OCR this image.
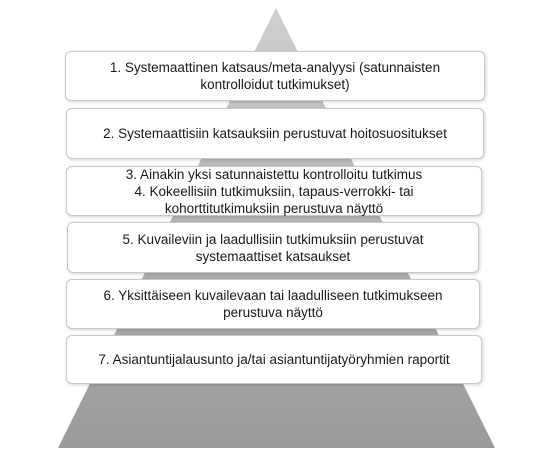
1. Systemaattinen katsaus/meta-analyysi (satunnaisten
kontrolloidut tutkimukset)
2. Systemaattisiin katsauksiin perustuvat hoitosuositukset
3. Ainakin yksi satunnaistettu kontrolloitu tutkimus
4. Kokeellisiin tutkimuksiin, tapaus-verrokki- tai
kohorttitutkimuksiin perustuva näyttö
5. Kuvaileviin ja laadullisiin tutkimuksiin perustuvat
systemaattiset katsaukset
6. Yksittäiseen kuvailevaan tai laadulliseen tutkimukseen
perustuva näyttö
7. Asiantuntijalausunto ja/tai asiantuntijatyöryhmien raportit
